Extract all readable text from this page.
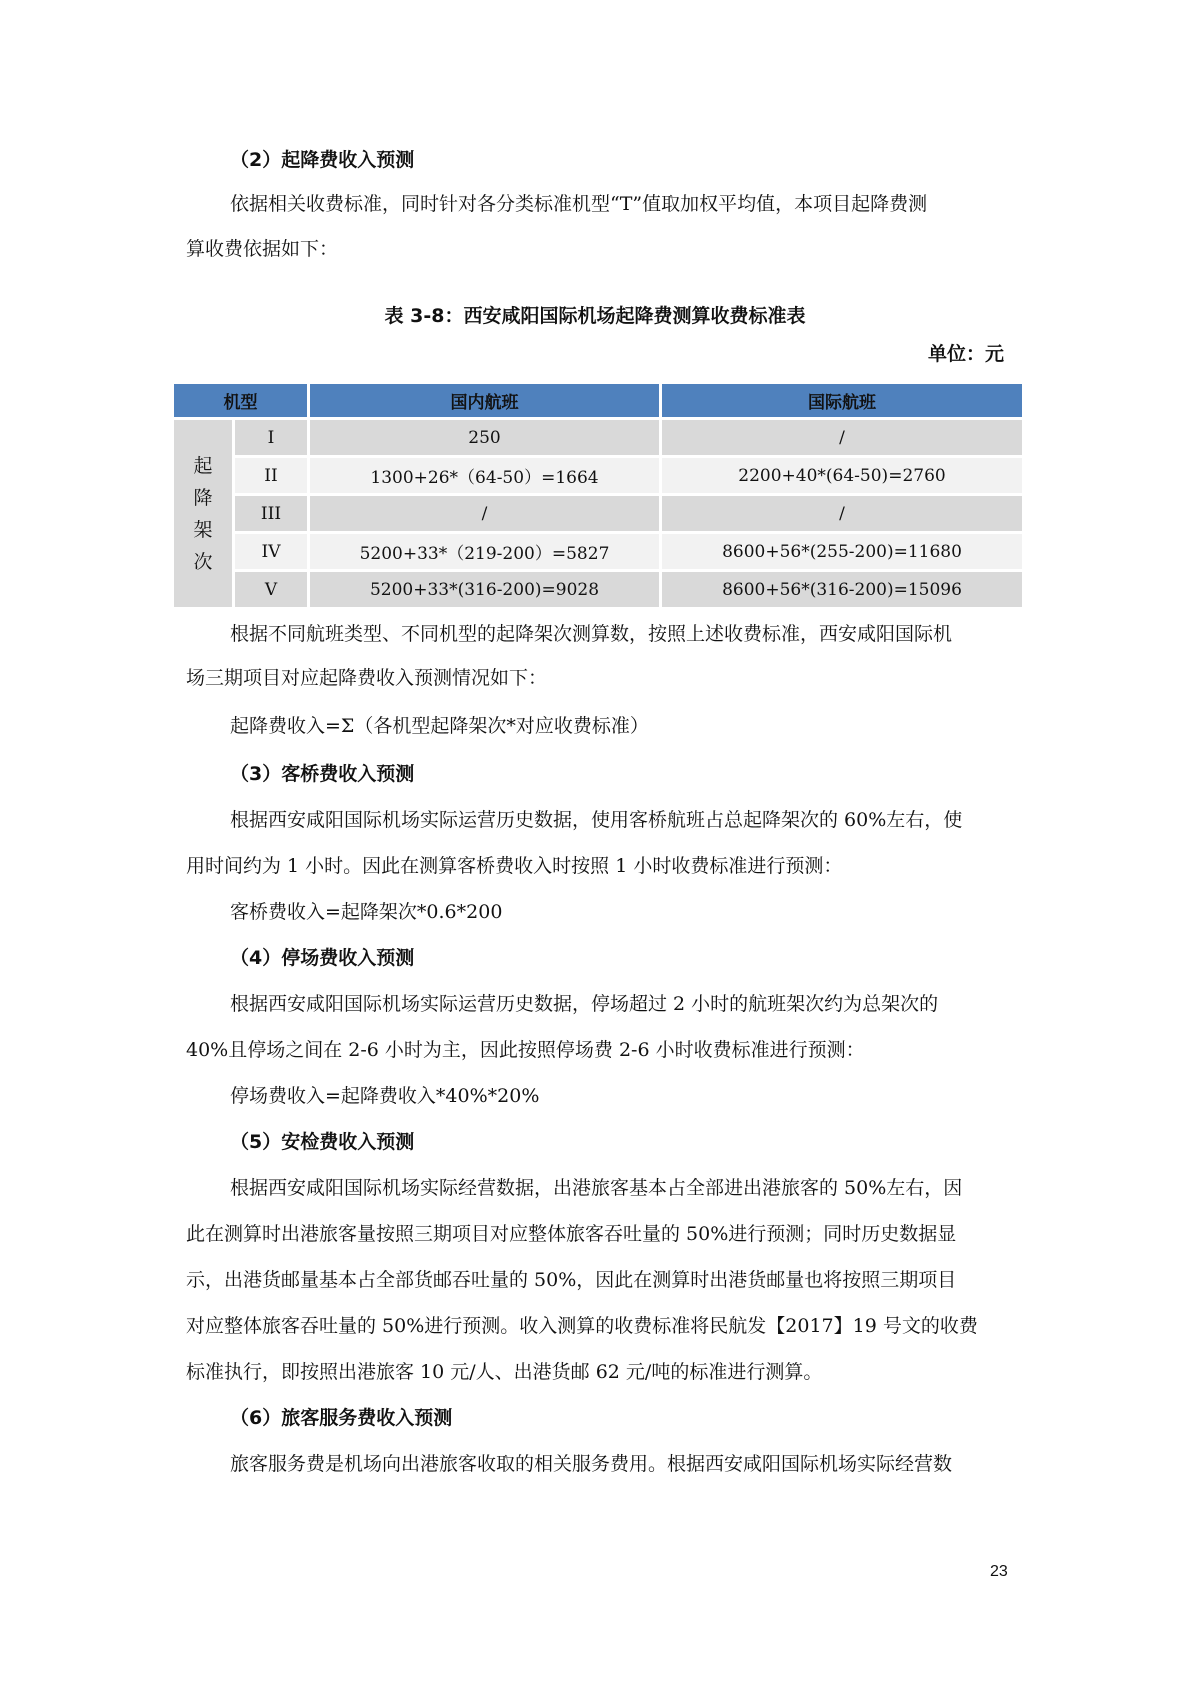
（2）起降费收入预测
依据相关收费标准，同时针对各分类标准机型“T”值取加权平均值，本项目起降费测
算收费依据如下：
表 3-8：西安咸阳国际机场起降费测算收费标准表
单位：元
机型		国内航班	国际航班
起
降
架
次	I	250	/
	II	1300+26*（64-50）=1664	2200+40*(64-50)=2760
	III	/	/
	IV	5200+33*（219-200）=5827	8600+56*(255-200)=11680
	V	5200+33*(316-200)=9028	8600+56*(316-200)=15096
根据不同航班类型、不同机型的起降架次测算数，按照上述收费标准，西安咸阳国际机
场三期项目对应起降费收入预测情况如下：
起降费收入=Σ（各机型起降架次*对应收费标准）
（3）客桥费收入预测
根据西安咸阳国际机场实际运营历史数据，使用客桥航班占总起降架次的 60%左右，使
用时间约为 1 小时。因此在测算客桥费收入时按照 1 小时收费标准进行预测：
客桥费收入=起降架次*0.6*200
（4）停场费收入预测
根据西安咸阳国际机场实际运营历史数据，停场超过 2 小时的航班架次约为总架次的
40%且停场之间在 2-6 小时为主，因此按照停场费 2-6 小时收费标准进行预测：
停场费收入=起降费收入*40%*20%
（5）安检费收入预测
根据西安咸阳国际机场实际经营数据，出港旅客基本占全部进出港旅客的 50%左右，因
此在测算时出港旅客量按照三期项目对应整体旅客吞吐量的 50%进行预测；同时历史数据显
示，出港货邮量基本占全部货邮吞吐量的 50%，因此在测算时出港货邮量也将按照三期项目
对应整体旅客吞吐量的 50%进行预测。收入测算的收费标准将民航发【2017】19 号文的收费
标准执行，即按照出港旅客 10 元/人、出港货邮 62 元/吨的标准进行测算。
（6）旅客服务费收入预测
旅客服务费是机场向出港旅客收取的相关服务费用。根据西安咸阳国际机场实际经营数
23
